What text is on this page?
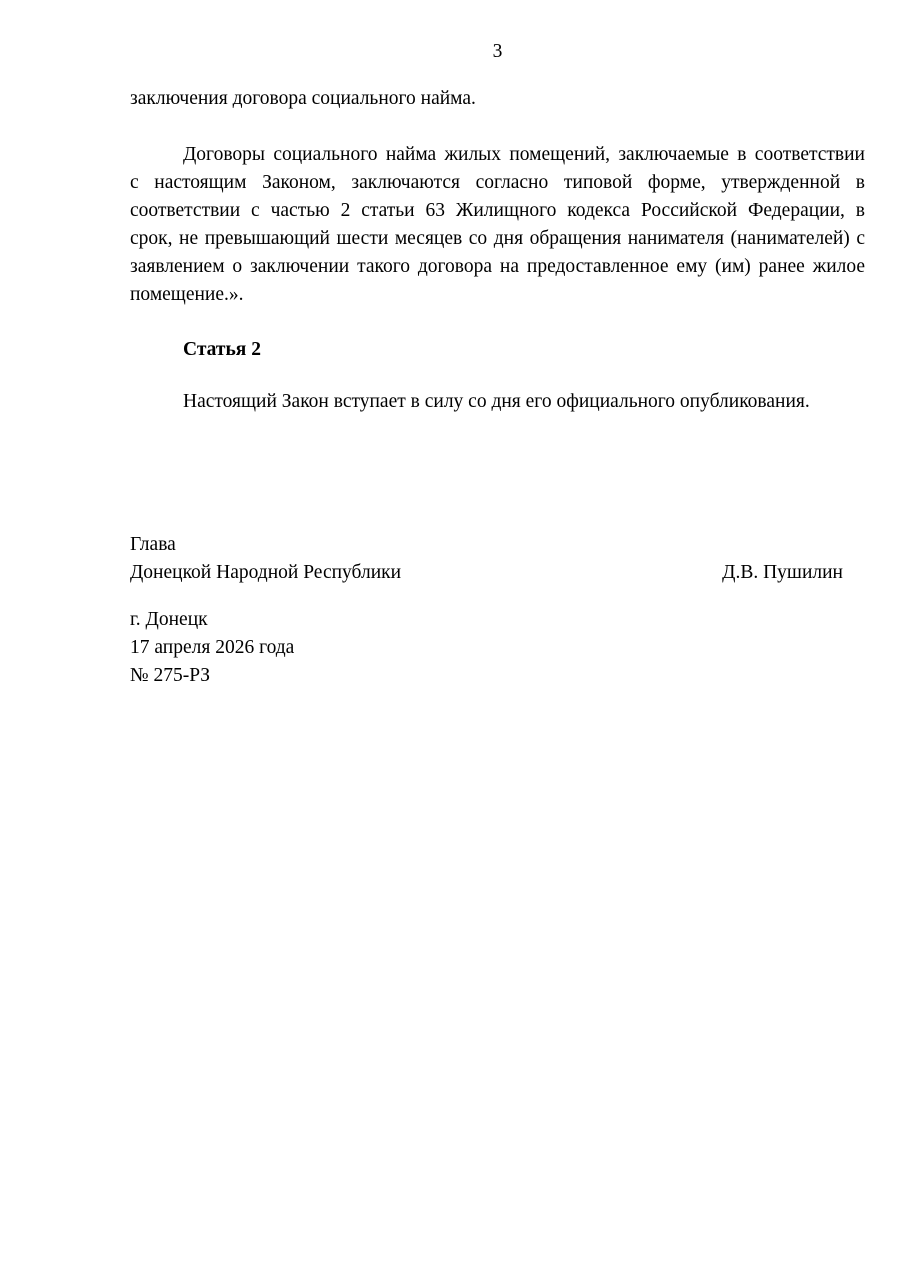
3
заключения договора социального найма.
Договоры социального найма жилых помещений, заключаемые в соответствии с настоящим Законом, заключаются согласно типовой форме, утвержденной в соответствии с частью 2 статьи 63 Жилищного кодекса Российской Федерации, в срок, не превышающий шести месяцев со дня обращения нанимателя (нанимателей) с заявлением о заключении такого договора на предоставленное ему (им) ранее жилое помещение.».
Статья 2
Настоящий Закон вступает в силу со дня его официального опубликования.
Глава
Донецкой Народной Республики	Д.В. Пушилин
г. Донецк
17 апреля 2026 года
№ 275-РЗ
